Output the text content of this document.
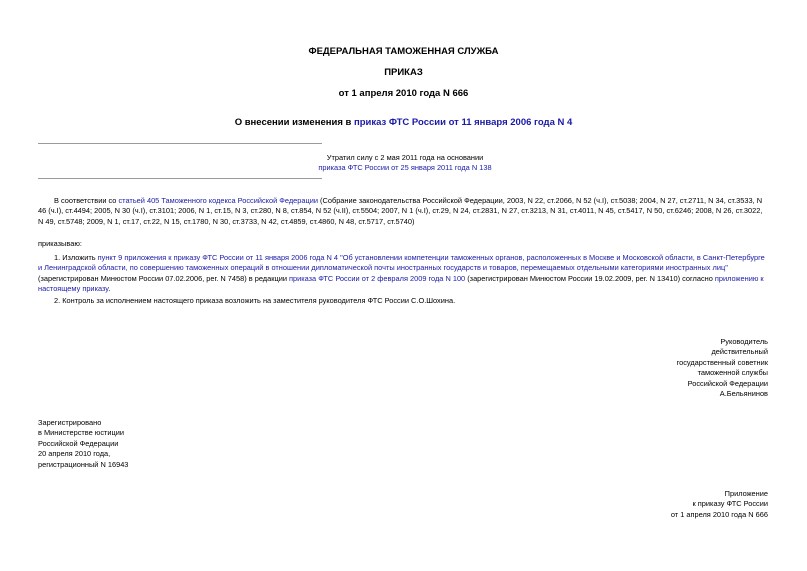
ФЕДЕРАЛЬНАЯ ТАМОЖЕННАЯ СЛУЖБА
ПРИКАЗ
от 1 апреля 2010 года N 666
О внесении изменения в приказ ФТС России от 11 января 2006 года N 4
Утратил силу с 2 мая 2011 года на основании
приказа ФТС России от 25 января 2011 года N 138
В соответствии со статьей 405 Таможенного кодекса Российской Федерации (Собрание законодательства Российской Федерации, 2003, N 22, ст.2066, N 52 (ч.I), ст.5038; 2004, N 27, ст.2711, N 34, ст.3533, N 46 (ч.I), ст.4494; 2005, N 30 (ч.I), ст.3101; 2006, N 1, ст.15, N 3, ст.280, N 8, ст.854, N 52 (ч.II), ст.5504; 2007, N 1 (ч.I), ст.29, N 24, ст.2831, N 27, ст.3213, N 31, ст.4011, N 45, ст.5417, N 50, ст.6246; 2008, N 26, ст.3022, N 49, ст.5748; 2009, N 1, ст.17, ст.22, N 15, ст.1780, N 30, ст.3733, N 42, ст.4859, ст.4860, N 48, ст.5717, ст.5740)
приказываю:
1. Изложить пункт 9 приложения к приказу ФТС России от 11 января 2006 года N 4 "Об установлении компетенции таможенных органов, расположенных в Москве и Московской области, в Санкт-Петербурге и Ленинградской области, по совершению таможенных операций в отношении дипломатической почты иностранных государств и товаров, перемещаемых отдельными категориями иностранных лиц" (зарегистрирован Минюстом России 07.02.2006, рег. N 7458) в редакции приказа ФТС России от 2 февраля 2009 года N 100 (зарегистрирован Минюстом России 19.02.2009, рег. N 13410) согласно приложению к настоящему приказу.
2. Контроль за исполнением настоящего приказа возложить на заместителя руководителя ФТС России С.О.Шохина.
Руководитель
действительный
государственный советник
таможенной службы
Российской Федерации
А.Бельянинов
Зарегистрировано
в Министерстве юстиции
Российской Федерации
20 апреля 2010 года,
регистрационный N 16943
Приложение
к приказу ФТС России
от 1 апреля 2010 года N 666
